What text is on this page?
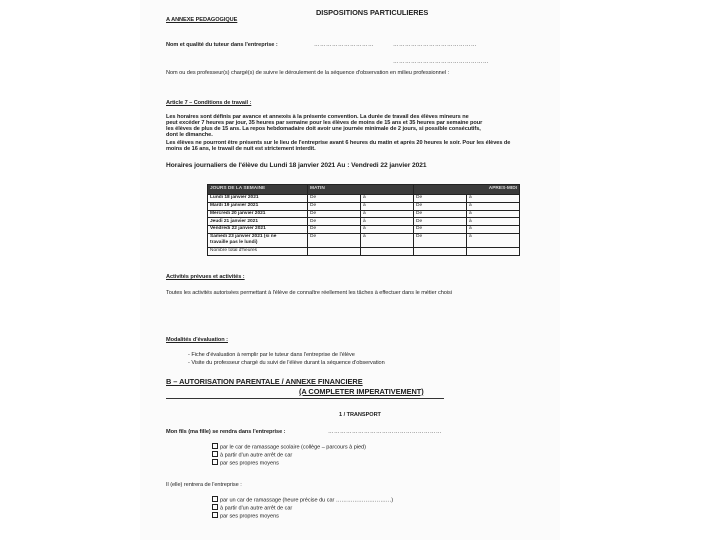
DISPOSITIONS PARTICULIERES
A ANNEXE PEDAGOGIQUE
Nom et qualité du tuteur dans l'entreprise :	…………………………	……………………………………
…………………………………………
Nom ou des professeur(s) chargé(s) de suivre le déroulement de la séquence d'observation en milieu professionnel :
Article 7 – Conditions de travail :
Les horaires sont définis par avance et annexés à la présente convention. La durée de travail des élèves mineurs ne
peut excéder 7 heures par jour, 35 heures par semaine pour les élèves de moins de 15 ans et 35 heures par semaine pour
les élèves de plus de 15 ans. La repos hebdomadaire doit avoir une journée minimale de 2 jours, si possible consécutifs,
dont le dimanche.
Les élèves ne pourront être présents sur le lieu de l'entreprise avant 6 heures du matin et après 20 heures le soir. Pour les élèves de
moins de 16 ans, le travail de nuit est strictement interdit.
Horaires journaliers de l'élève du Lundi 18 janvier 2021 Au : Vendredi 22 janvier 2021
JOURS DE LA SEMAINE	MATIN		APRES-MIDI	
Lundi 18 janvier 2021	De	à	De	à
Mardi 19 janvier 2021	De	à	De	à
Mercredi 20 janvier 2021	De	à	De	à
Jeudi 21 janvier 2021	De	à	De	à
Vendredi 22 janvier 2021	De	à	De	à
Samedi 23 janvier 2021 (si ne
travaille pas le lundi)	De	à	De	à
Nombre total d'heures				
Activités prévues et activités :
Toutes les activités autorisées permettant à l'élève de connaître réellement les tâches à effectuer dans le métier choisi
Modalités d'évaluation :
- Fiche d'évaluation à remplir par le tuteur dans l'entreprise de l'élève
- Visite du professeur chargé du suivi de l'élève durant la séquence d'observation
B – AUTORISATION PARENTALE / ANNEXE FINANCIERE
(A COMPLETER IMPERATIVEMENT)
1 / TRANSPORT
Mon fils (ma fille) se rendra dans l'entreprise :	…………………………………………………
par le car de ramassage scolaire (collège – parcours à pied)
à partir d'un autre arrêt de car
par ses propres moyens
Il (elle) rentrera de l'entreprise :
par un car de ramassage (heure précise du car …………………………)
à partir d'un autre arrêt de car
par ses propres moyens
